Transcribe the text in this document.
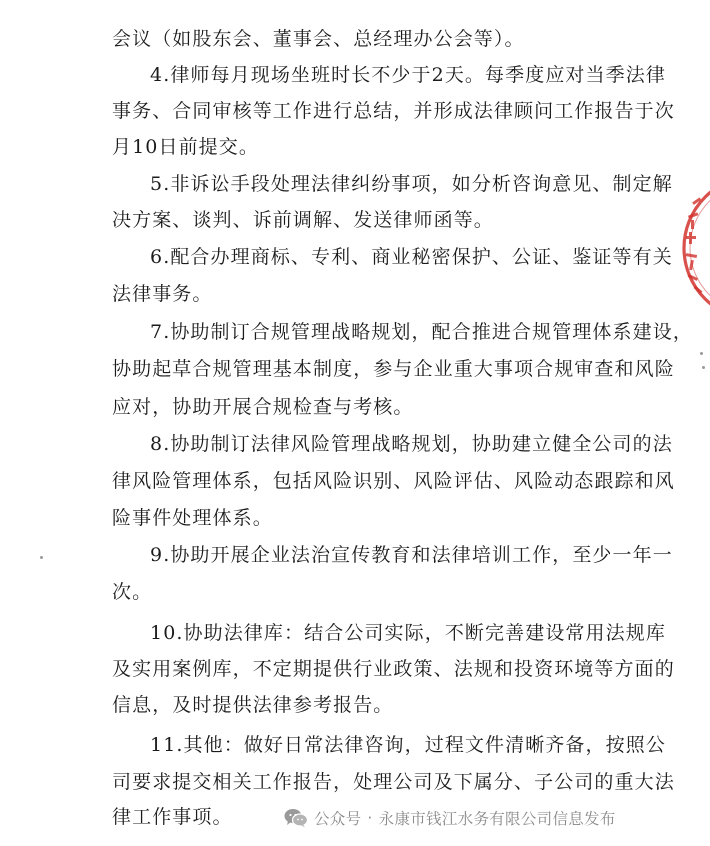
会议（如股东会、董事会、总经理办公会等）。
4.律师每月现场坐班时长不少于2天。每季度应对当季法律
事务、合同审核等工作进行总结，并形成法律顾问工作报告于次
月10日前提交。
5.非诉讼手段处理法律纠纷事项，如分析咨询意见、制定解
决方案、谈判、诉前调解、发送律师函等。
6.配合办理商标、专利、商业秘密保护、公证、鉴证等有关
法律事务。
7.协助制订合规管理战略规划，配合推进合规管理体系建设，
协助起草合规管理基本制度，参与企业重大事项合规审查和风险
应对，协助开展合规检查与考核。
8.协助制订法律风险管理战略规划，协助建立健全公司的法
律风险管理体系，包括风险识别、风险评估、风险动态跟踪和风
险事件处理体系。
9.协助开展企业法治宣传教育和法律培训工作，至少一年一
次。
10.协助法律库：结合公司实际，不断完善建设常用法规库
及实用案例库，不定期提供行业政策、法规和投资环境等方面的
信息，及时提供法律参考报告。
11.其他：做好日常法律咨询，过程文件清晰齐备，按照公
司要求提交相关工作报告，处理公司及下属分、子公司的重大法
律工作事项。	公众号 · 永康市钱江水务有限公司信息发布
